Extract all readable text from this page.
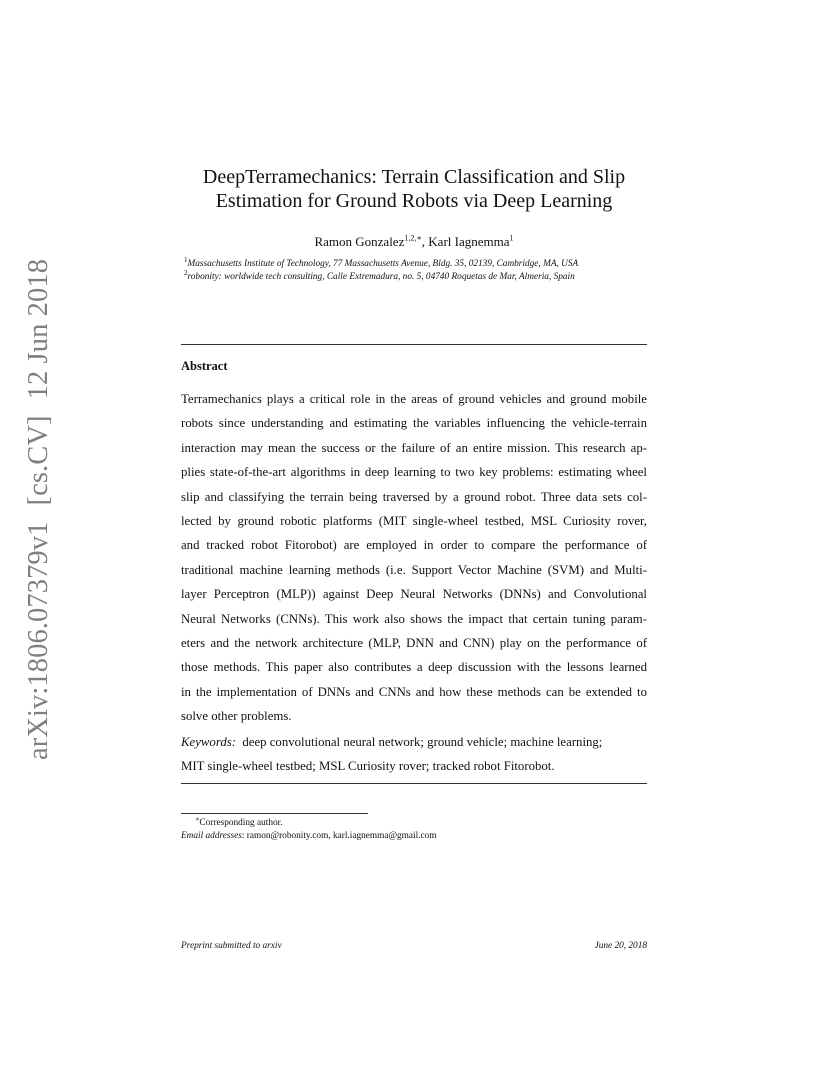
arXiv:1806.07379v1[cs.CV]12 Jun 2018
DeepTerramechanics: Terrain Classification and Slip
Estimation for Ground Robots via Deep Learning
Ramon Gonzalez$^{1,2,∗}$, Karl Iagnemma$^1$
$^1$Massachusetts Institute of Technology, 77 Massachusetts Avenue, Bldg. 35, 02139, Cambridge, MA, USA
$^2$robonity: worldwide tech consulting, Calle Extremadura, no. 5, 04740 Roquetas de Mar, Almeria, Spain
Abstract
Terramechanics plays a critical role in the areas of ground vehicles and ground mobile
robots since understanding and estimating the variables influencing the vehicle-terrain
interaction may mean the success or the failure of an entire mission. This research ap-
plies state-of-the-art algorithms in deep learning to two key problems: estimating wheel
slip and classifying the terrain being traversed by a ground robot. Three data sets col-
lected by ground robotic platforms (MIT single-wheel testbed, MSL Curiosity rover,
and tracked robot Fitorobot) are employed in order to compare the performance of
traditional machine learning methods (i.e. Support Vector Machine (SVM) and Multi-
layer Perceptron (MLP)) against Deep Neural Networks (DNNs) and Convolutional
Neural Networks (CNNs). This work also shows the impact that certain tuning param-
eters and the network architecture (MLP, DNN and CNN) play on the performance of
those methods. This paper also contributes a deep discussion with the lessons learned
in the implementation of DNNs and CNNs and how these methods can be extended to
solve other problems.
Keywords: deep convolutional neural network; ground vehicle; machine learning;
MIT single-wheel testbed; MSL Curiosity rover; tracked robot Fitorobot.
∗Corresponding author.
Email addresses: ramon@robonity.com, karl.iagnemma@gmail.com
Preprint submitted to arxiv	June 20, 2018
